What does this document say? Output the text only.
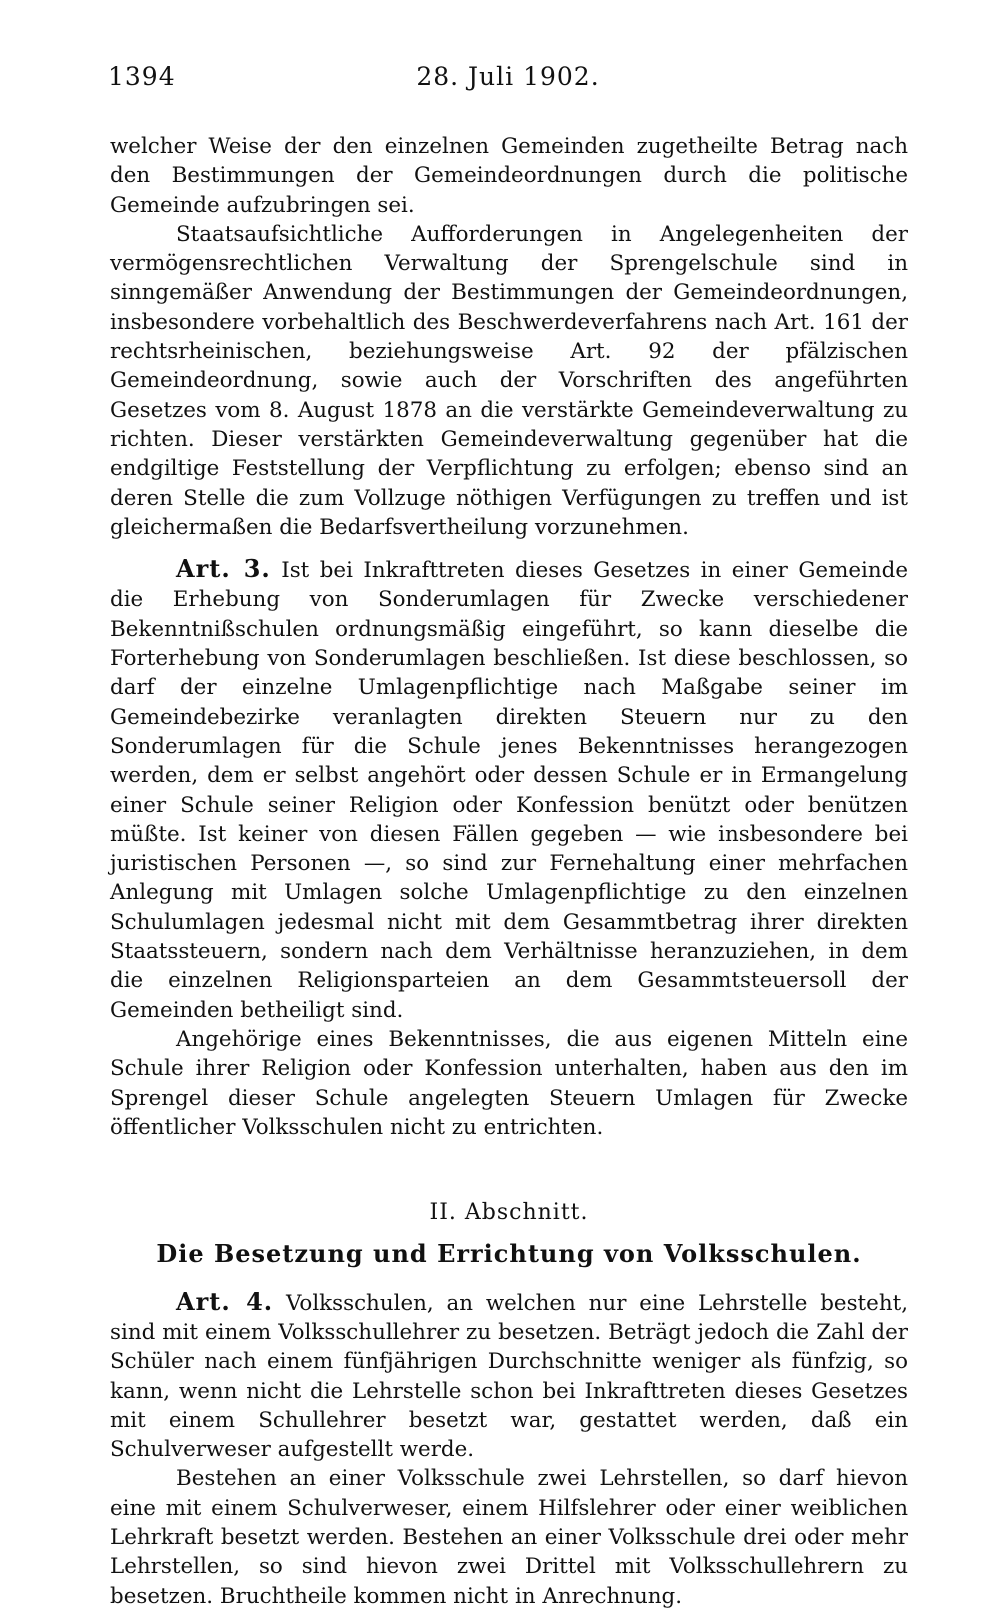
1394	28. Juli 1902.

welcher Weise der den einzelnen Gemeinden zugetheilte Betrag nach den Bestimmungen der Gemeindeordnungen durch die politische Gemeinde aufzubringen sei.

Staatsaufsichtliche Aufforderungen in Angelegenheiten der vermögensrechtlichen Verwaltung der Sprengelschule sind in sinngemäßer Anwendung der Bestimmungen der Gemeindeordnungen, insbesondere vorbehaltlich des Beschwerdeverfahrens nach Art. 161 der rechtsrheinischen, beziehungsweise Art. 92 der pfälzischen Gemeindeordnung, sowie auch der Vorschriften des angeführten Gesetzes vom 8. August 1878 an die verstärkte Gemeindeverwaltung zu richten. Dieser verstärkten Gemeindeverwaltung gegenüber hat die endgiltige Feststellung der Verpflichtung zu erfolgen; ebenso sind an deren Stelle die zum Vollzuge nöthigen Verfügungen zu treffen und ist gleichermaßen die Bedarfsvertheilung vorzunehmen.

Art. 3. Ist bei Inkrafttreten dieses Gesetzes in einer Gemeinde die Erhebung von Sonderumlagen für Zwecke verschiedener Bekenntnißschulen ordnungsmäßig eingeführt, so kann dieselbe die Forterhebung von Sonderumlagen beschließen. Ist diese beschlossen, so darf der einzelne Umlagenpflichtige nach Maßgabe seiner im Gemeindebezirke veranlagten direkten Steuern nur zu den Sonderumlagen für die Schule jenes Bekenntnisses herangezogen werden, dem er selbst angehört oder dessen Schule er in Ermangelung einer Schule seiner Religion oder Konfession benützt oder benützen müßte. Ist keiner von diesen Fällen gegeben — wie insbesondere bei juristischen Personen —, so sind zur Fernehaltung einer mehrfachen Anlegung mit Umlagen solche Umlagenpflichtige zu den einzelnen Schulumlagen jedesmal nicht mit dem Gesammtbetrag ihrer direkten Staatssteuern, sondern nach dem Verhältnisse heranzuziehen, in dem die einzelnen Religionsparteien an dem Gesammtsteuersoll der Gemeinden betheiligt sind.

Angehörige eines Bekenntnisses, die aus eigenen Mitteln eine Schule ihrer Religion oder Konfession unterhalten, haben aus den im Sprengel dieser Schule angelegten Steuern Umlagen für Zwecke öffentlicher Volksschulen nicht zu entrichten.

II. Abschnitt.
Die Besetzung und Errichtung von Volksschulen.

Art. 4. Volksschulen, an welchen nur eine Lehrstelle besteht, sind mit einem Volksschullehrer zu besetzen. Beträgt jedoch die Zahl der Schüler nach einem fünfjährigen Durchschnitte weniger als fünfzig, so kann, wenn nicht die Lehrstelle schon bei Inkrafttreten dieses Gesetzes mit einem Schullehrer besetzt war, gestattet werden, daß ein Schulverweser aufgestellt werde.

Bestehen an einer Volksschule zwei Lehrstellen, so darf hievon eine mit einem Schulverweser, einem Hilfslehrer oder einer weiblichen Lehrkraft besetzt werden. Bestehen an einer Volksschule drei oder mehr Lehrstellen, so sind hievon zwei Drittel mit Volksschullehrern zu besetzen. Bruchtheile kommen nicht in Anrechnung.
